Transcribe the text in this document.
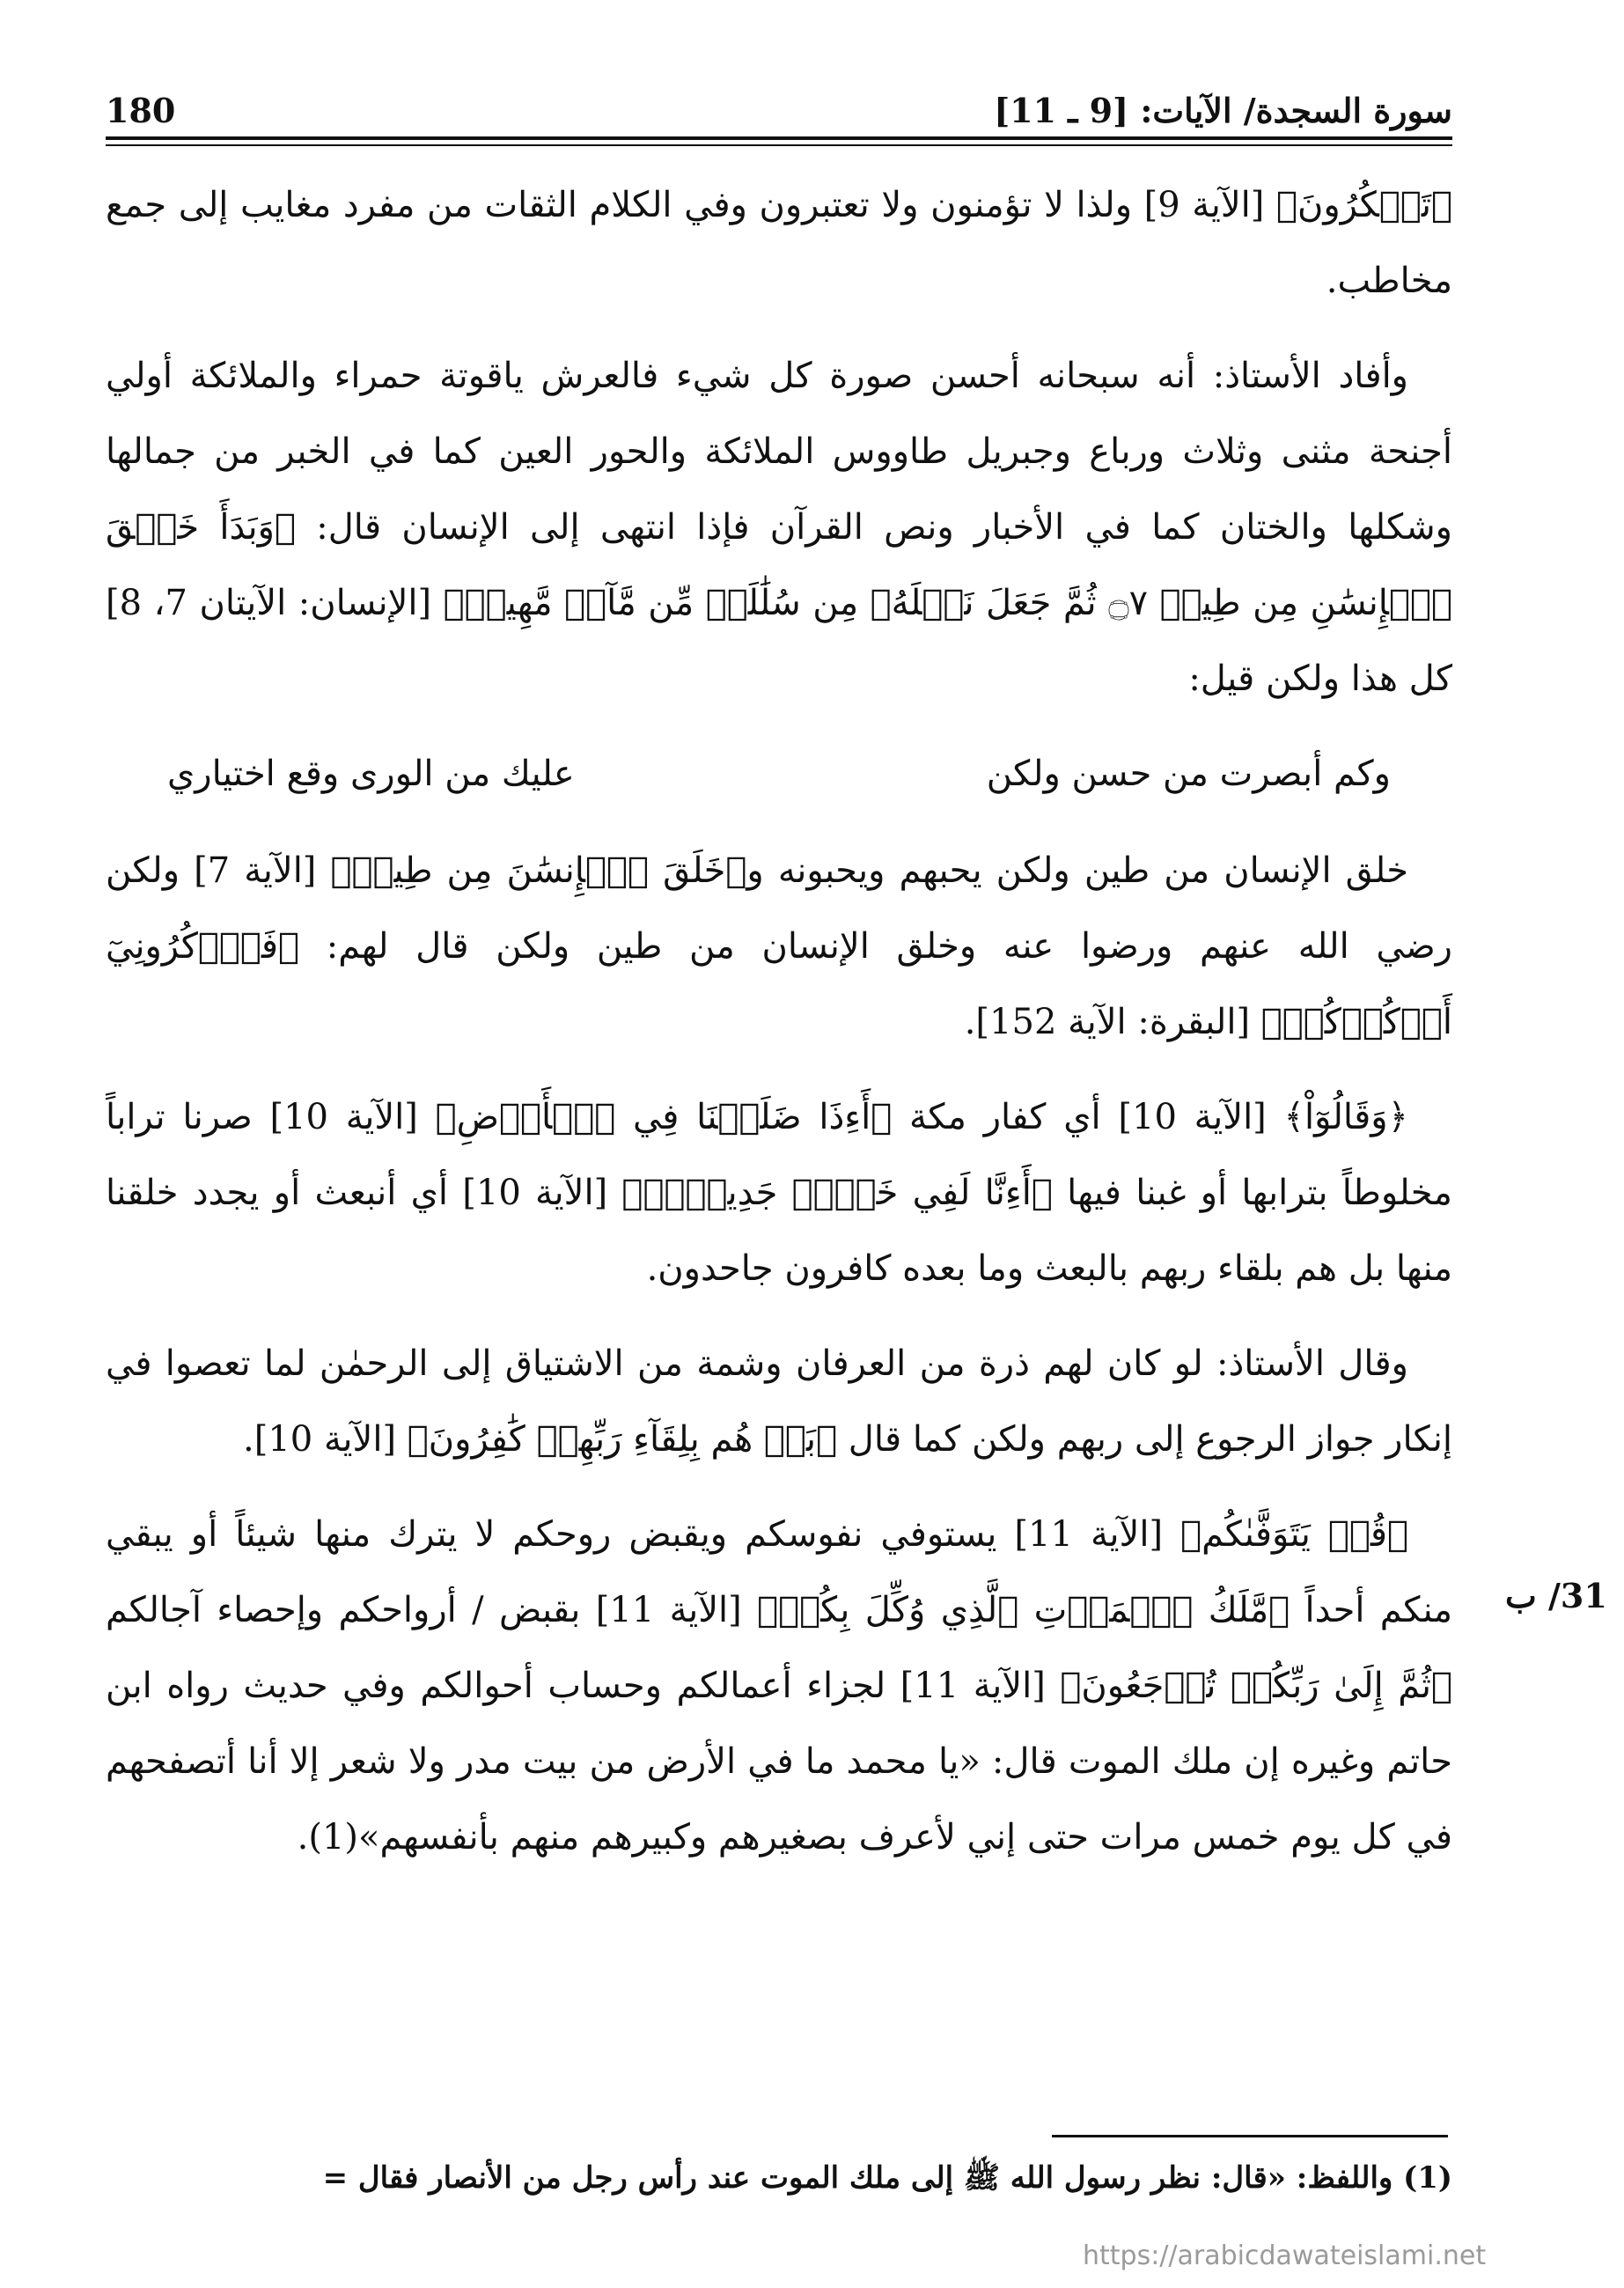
180	سورة السجدة/ الآيات: [9 ـ 11]

﴿تَشۡكُرُونَ﴾ [الآية 9] ولذا لا تؤمنون ولا تعتبرون وفي الكلام الثقات من مفرد مغايب إلى جمع مخاطب.

وأفاد الأستاذ: أنه سبحانه أحسن صورة كل شيء فالعرش ياقوتة حمراء والملائكة أولي أجنحة مثنى وثلاث ورباع وجبريل طاووس الملائكة والحور العين كما في الخبر من جمالها وشكلها والختان كما في الأخبار ونص القرآن فإذا انتهى إلى الإنسان قال: ﴿وَبَدَأَ خَلۡقَ ٱلۡإِنسَٰنِ مِن طِينٖ ۝٧ ثُمَّ جَعَلَ نَسۡلَهُۥ مِن سُلَٰلَةٖ مِّن مَّآءٖ مَّهِينٖ﴾ [الإنسان: الآيتان 7، 8] كل هذا ولكن قيل:

وكم أبصرت من حسن ولكن
عليك من الورى وقع اختياري

خلق الإنسان من طين ولكن يحبهم ويحبونه و﴿خَلَقَ ٱلۡإِنسَٰنَ مِن طِينٖ﴾ [الآية 7] ولكن رضي الله عنهم ورضوا عنه وخلق الإنسان من طين ولكن قال لهم: ﴿فَٱذۡكُرُونِيٓ أَذۡكُرۡكُمۡ﴾ [البقرة: الآية 152].

﴿وَقَالُوٓاْ﴾ [الآية 10] أي كفار مكة ﴿أَءِذَا ضَلَلۡنَا فِي ٱلۡأَرۡضِ﴾ [الآية 10] صرنا تراباً مخلوطاً بترابها أو غبنا فيها ﴿أَءِنَّا لَفِي خَلۡقٖ جَدِيدِۢۚ﴾ [الآية 10] أي أنبعث أو يجدد خلقنا منها بل هم بلقاء ربهم بالبعث وما بعده كافرون جاحدون.

وقال الأستاذ: لو كان لهم ذرة من العرفان وشمة من الاشتياق إلى الرحمٰن لما تعصوا في إنكار جواز الرجوع إلى ربهم ولكن كما قال ﴿بَلۡ هُم بِلِقَآءِ رَبِّهِمۡ كَٰفِرُونَ﴾ [الآية 10].

﴿قُلۡ يَتَوَفَّىٰكُم﴾ [الآية 11] يستوفي نفوسكم ويقبض روحكم لا يترك منها شيئاً أو يبقي منكم أحداً ﴿مَّلَكُ ٱلۡمَوۡتِ ٱلَّذِي وُكِّلَ بِكُمۡ﴾ [الآية 11] بقبض / أرواحكم وإحصاء آجالكم ﴿ثُمَّ إِلَىٰ رَبِّكُمۡ تُرۡجَعُونَ﴾ [الآية 11] لجزاء أعمالكم وحساب أحوالكم وفي حديث رواه ابن حاتم وغيره إن ملك الموت قال: «يا محمد ما في الأرض من بيت مدر ولا شعر إلا أنا أتصفحهم في كل يوم خمس مرات حتى إني لأعرف بصغيرهم وكبيرهم منهم بأنفسهم»(1).

31/ ب
(1) واللفظ: «قال: نظر رسول الله ﷺ إلى ملك الموت عند رأس رجل من الأنصار فقال =
https://arabicdawateislami.net
